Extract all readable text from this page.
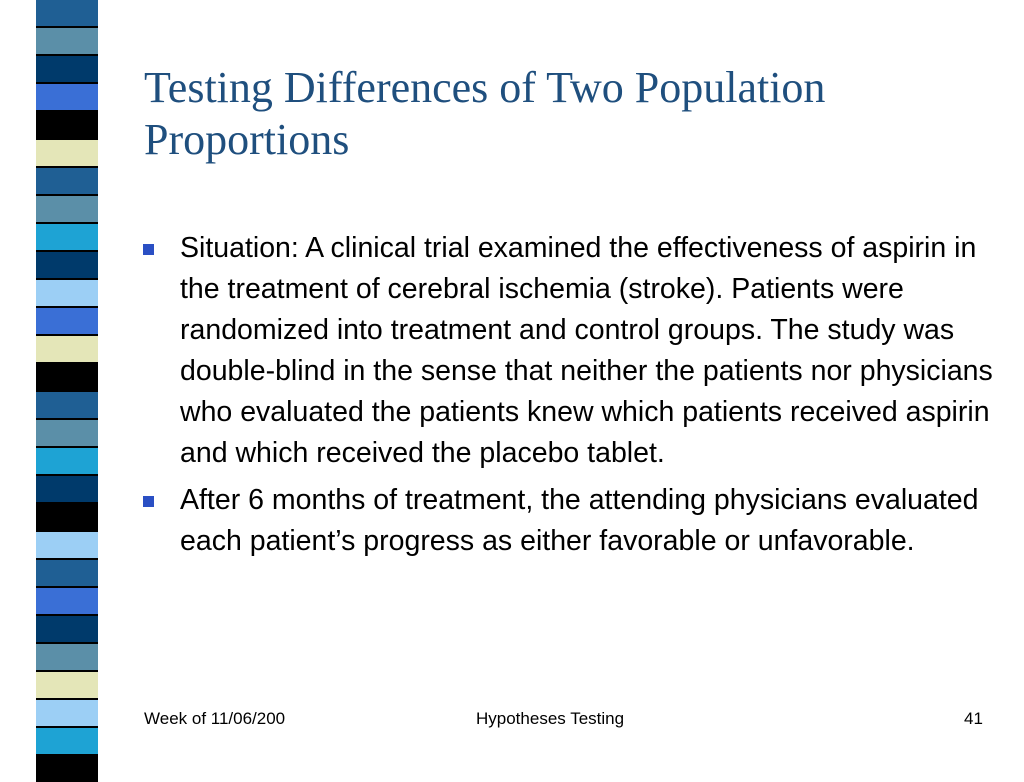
Testing Differences of Two Population Proportions
Situation: A clinical trial examined the effectiveness of aspirin in the treatment of cerebral ischemia (stroke). Patients were randomized into treatment and control groups. The study was double-blind in the sense that neither the patients nor physicians who evaluated the patients knew which patients received aspirin and which received the placebo tablet.
After 6 months of treatment, the attending physicians evaluated each patient’s progress as either favorable or unfavorable.
Week of 11/06/200	Hypotheses Testing	41
